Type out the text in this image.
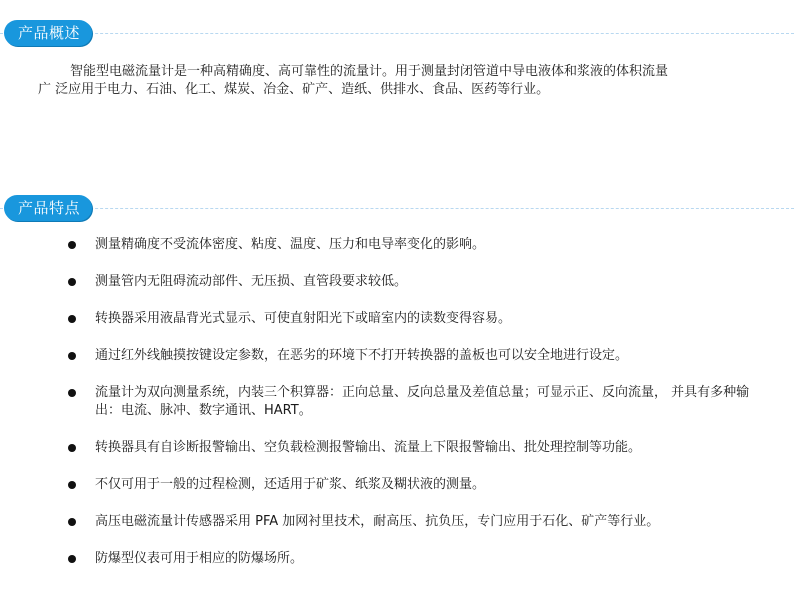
产品概述
智能型电磁流量计是一种高精确度、高可靠性的流量计。用于测量封闭管道中导电液体和浆液的体积流量
广 泛应用于电力、石油、化工、煤炭、冶金、矿产、造纸、供排水、食品、医药等行业。
产品特点
测量精确度不受流体密度、粘度、温度、压力和电导率变化的影响。
测量管内无阻碍流动部件、无压损、直管段要求较低。
转换器采用液晶背光式显示、可使直射阳光下或暗室内的读数变得容易。
通过红外线触摸按键设定参数，在恶劣的环境下不打开转换器的盖板也可以安全地进行设定。
流量计为双向测量系统，内装三个积算器：正向总量、反向总量及差值总量；可显示正、反向流量， 并具有多种输出：电流、脉冲、数字通讯、HART。
转换器具有自诊断报警输出、空负载检测报警输出、流量上下限报警输出、批处理控制等功能。
不仅可用于一般的过程检测，还适用于矿浆、纸浆及糊状液的测量。
高压电磁流量计传感器采用 PFA 加网衬里技术，耐高压、抗负压，专门应用于石化、矿产等行业。
防爆型仪表可用于相应的防爆场所。
